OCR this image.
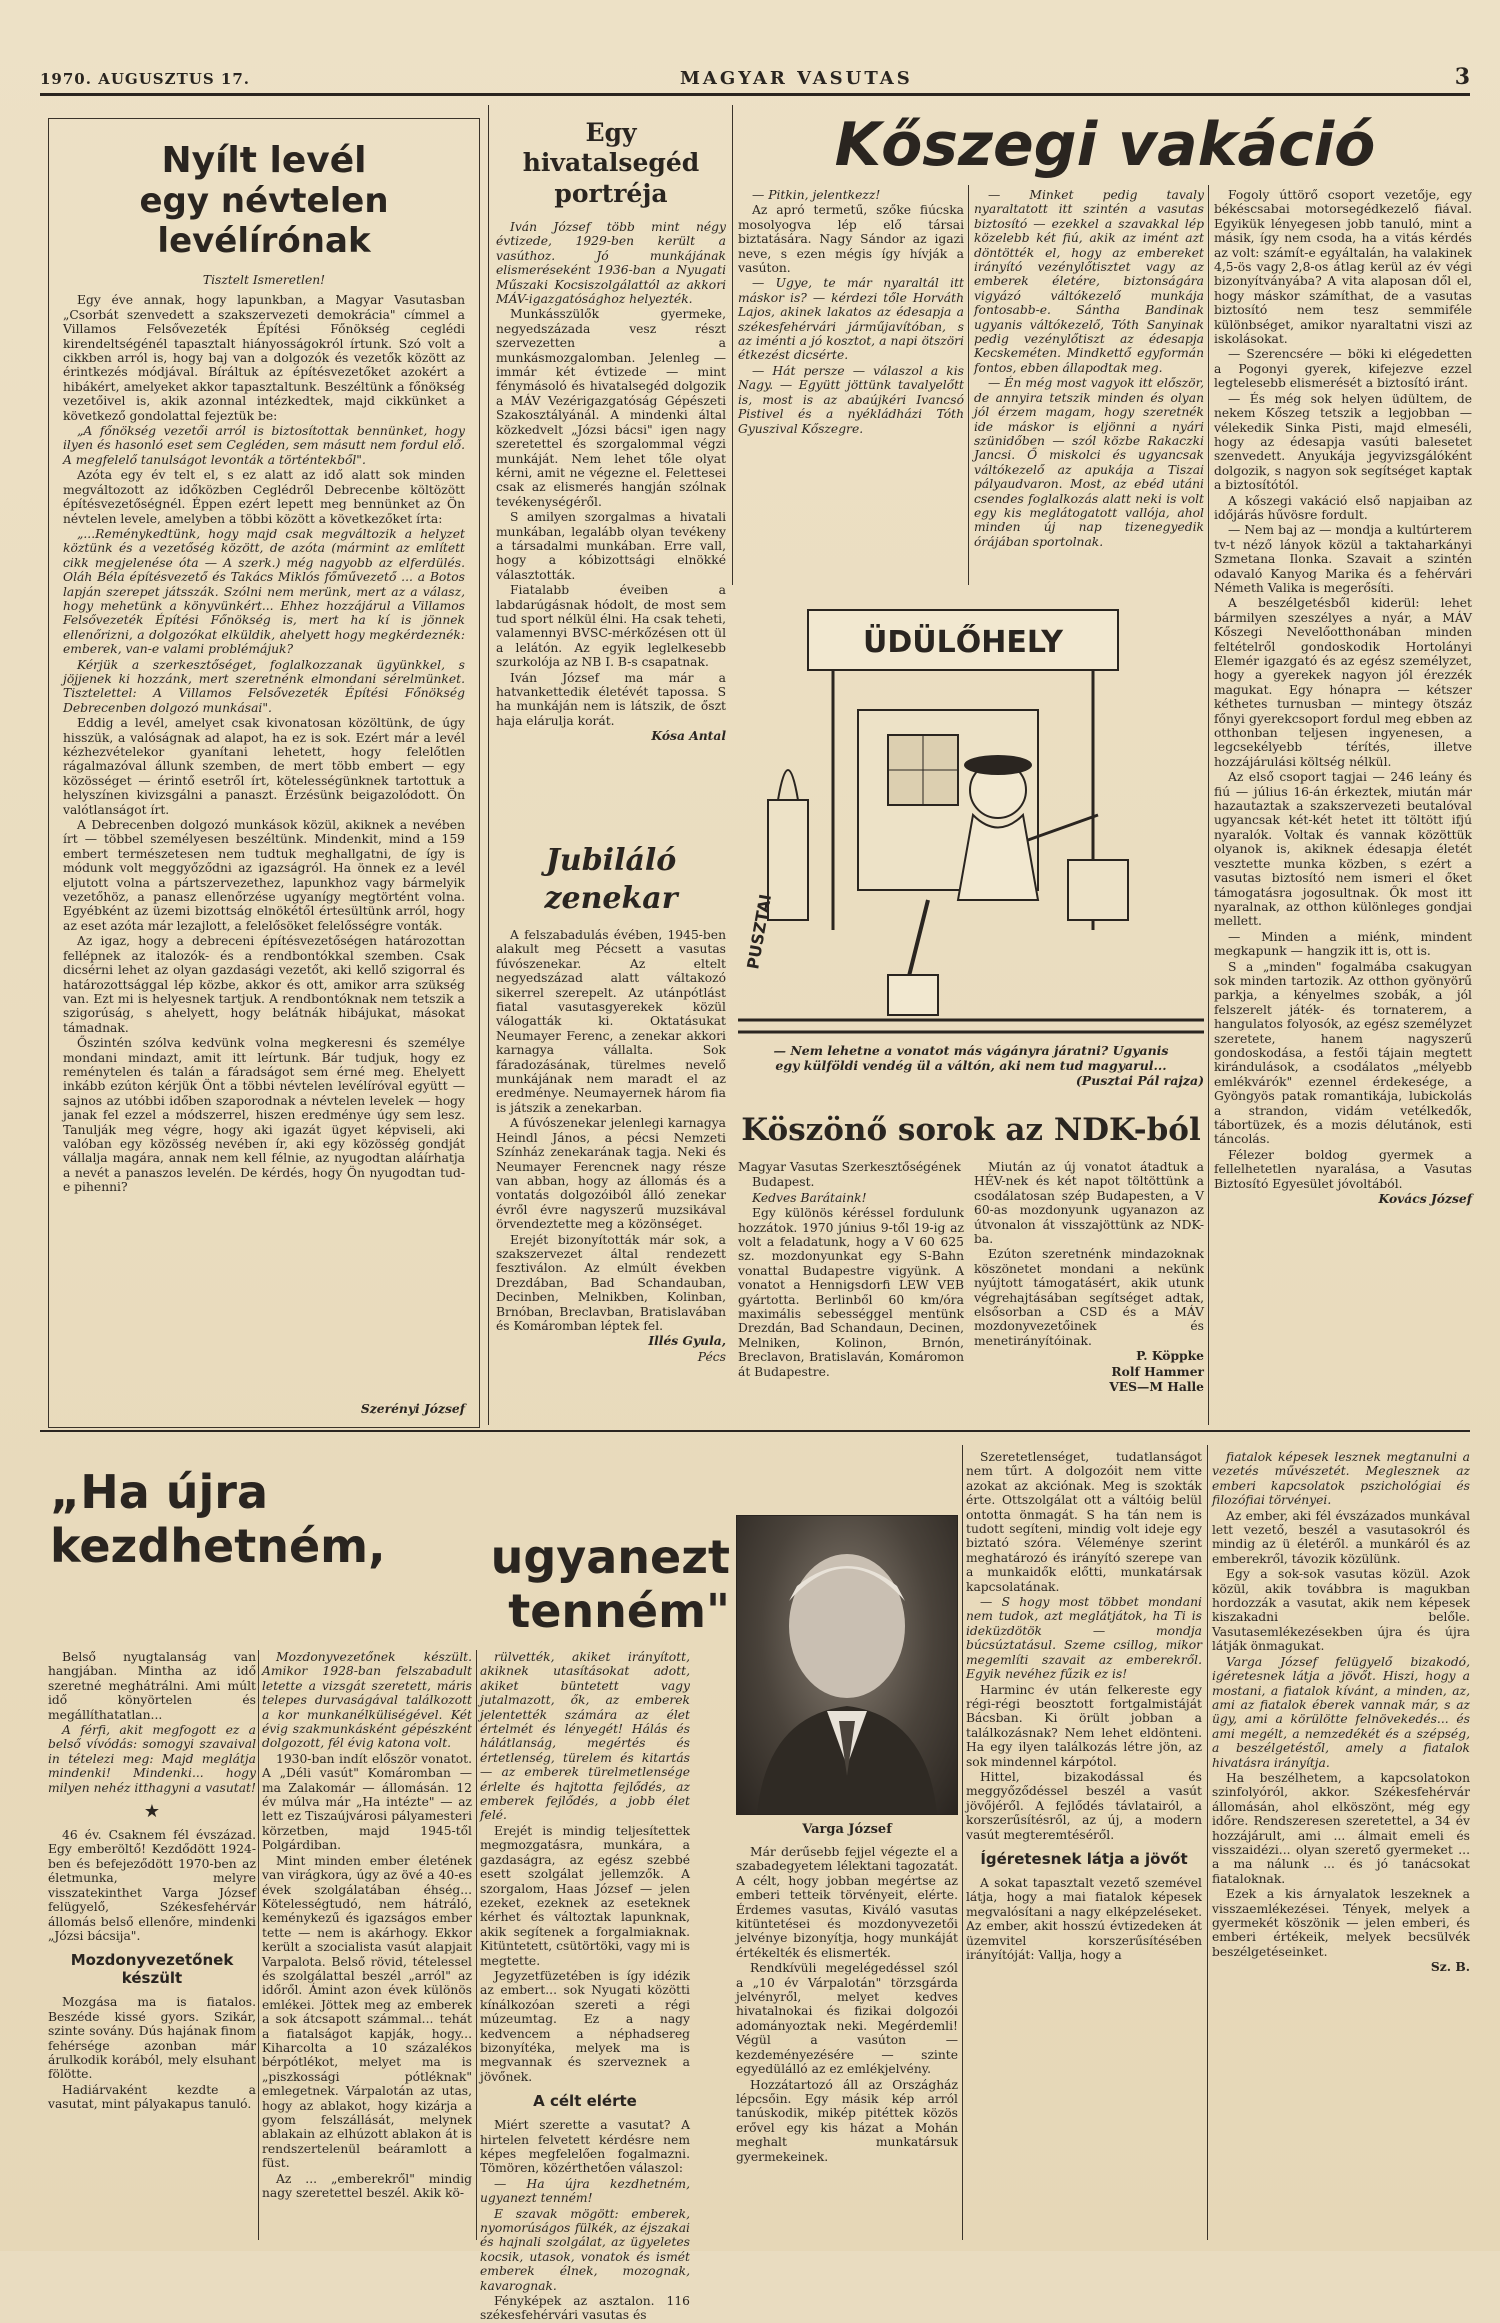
1970. AUGUSZTUS 17.	MAGYAR VASUTAS	3
Nyílt levél
egy névtelen levélírónak

Tisztelt Ismeretlen!

Egy éve annak, hogy lapunkban, a Magyar Vasutasban „Csorbát szenvedett a szakszervezeti demokrácia" címmel a Villamos Felsővezeték Építési Főnökség ceglédi kirendeltségénél tapasztalt hiányosságokról írtunk. Szó volt a cikkben arról is, hogy baj van a dolgozók és vezetők között az érintkezés módjával. Bíráltuk az építésvezetőket azokért a hibákért, amelyeket akkor tapasztaltunk. Beszéltünk a főnökség vezetőivel is, akik azonnal intézkedtek, majd cikkünket a következő gondolattal fejeztük be:

„A főnökség vezetői arról is biztosítottak bennünket, hogy ilyen és hasonló eset sem Cegléden, sem másutt nem fordul elő. A megfelelő tanulságot levonták a történtekből".

Azóta egy év telt el, s ez alatt az idő alatt sok minden megváltozott az időközben Ceglédről Debrecenbe költözött építésvezetőségnél. Éppen ezért lepett meg bennünket az Ön névtelen levele, amelyben a többi között a következőket írta:

„...Reménykedtünk, hogy majd csak megváltozik a helyzet köztünk és a vezetőség között, de azóta (mármint az említett cikk megjelenése óta — A szerk.) még nagyobb az elferdülés. Oláh Béla építésvezető és Takács Miklós főművezető ... a Botos lapján szerepet játsszák. Szólni nem merünk, mert az a válasz, hogy mehetünk a könyvünkért... Ehhez hozzájárul a Villamos Felsővezeték Építési Főnökség is, mert ha kí is jönnek ellenőrizni, a dolgozókat elküldik, ahelyett hogy megkérdeznék: emberek, van-e valami problémájuk?

Kérjük a szerkesztőséget, foglalkozzanak ügyünkkel, s jöjjenek ki hozzánk, mert szeretnénk elmondani sérelmünket. Tisztelettel: A Villamos Felsővezeték Építési Főnökség Debrecenben dolgozó munkásai".

Eddig a levél, amelyet csak kivonatosan közöltünk, de úgy hisszük, a valóságnak ad alapot, ha ez is sok. Ezért már a levél kézhezvételekor gyanítani lehetett, hogy felelőtlen rágalmazóval állunk szemben, de mert több embert — egy közösséget — érintő esetről írt, kötelességünknek tartottuk a helyszínen kivizsgálni a panaszt. Érzésünk beigazolódott. Ön valótlanságot írt.

A Debrecenben dolgozó munkások közül, akiknek a nevében írt — többel személyesen beszéltünk. Mindenkit, mind a 159 embert természetesen nem tudtuk meghallgatni, de így is módunk volt meggyőződni az igazságról. Ha önnek ez a levél eljutott volna a pártszervezethez, lapunkhoz vagy bármelyik vezetőhöz, a panasz ellenőrzése ugyanígy megtörtént volna. Egyébként az üzemi bizottság elnökétől értesültünk arról, hogy az eset azóta már lezajlott, a felelősöket felelősségre vonták.

Az igaz, hogy a debreceni építésvezetőségen határozottan fellépnek az italozók- és a rendbontókkal szemben. Csak dicsérni lehet az olyan gazdasági vezetőt, aki kellő szigorral és határozottsággal lép közbe, akkor és ott, amikor arra szükség van. Ezt mi is helyesnek tartjuk. A rendbontóknak nem tetszik a szigorúság, s ahelyett, hogy belátnák hibájukat, másokat támadnak.

Őszintén szólva kedvünk volna megkeresni és személye mondani mindazt, amit itt leírtunk. Bár tudjuk, hogy ez reménytelen és talán a fáradságot sem érné meg. Ehelyett inkább ezúton kérjük Önt a többi névtelen levélíróval együtt — sajnos az utóbbi időben szaporodnak a névtelen levelek — hogy janak fel ezzel a módszerrel, hiszen eredménye úgy sem lesz. Tanulják meg végre, hogy aki igazát ügyet képviseli, aki valóban egy közösség nevében ír, aki egy közösség gondját vállalja magára, annak nem kell félnie, az nyugodtan aláírhatja a nevét a panaszos levelén. De kérdés, hogy Ön nyugodtan tud-e pihenni?

Szerényi József

Egy hivatalsegéd
portréja

Iván József több mint négy évtizede, 1929-ben került a vasúthoz. Jó munkájának elismeréseként 1936-ban a Nyugati Műszaki Kocsiszolgálattól az akkori MÁV-igazgatósághoz helyezték.

Munkásszülők gyermeke, negyedszázada vesz részt szervezetten a munkásmozgalomban. Jelenleg — immár két évtizede — mint fénymásoló és hivatalsegéd dolgozik a MÁV Vezérigazgatóság Gépészeti Szakosztályánál. A mindenki által közkedvelt „Józsi bácsi" igen nagy szeretettel és szorgalommal végzi munkáját. Nem lehet tőle olyat kérni, amit ne végezne el. Felettesei csak az elismerés hangján szólnak tevékenységéről.

S amilyen szorgalmas a hivatali munkában, legalább olyan tevékeny a társadalmi munkában. Erre vall, hogy a kóbizottsági elnökké választották.

Fiatalabb éveiben a labdarúgásnak hódolt, de most sem tud sport nélkül élni. Ha csak teheti, valamennyi BVSC-mérkőzésen ott ül a lelátón. Az egyik leglelkesebb szurkolója az NB I. B-s csapatnak.

Iván József ma már a hatvankettedik életévét tapossa. S ha munkáján nem is látszik, de őszt haja elárulja korát.

Kósa Antal

Jubiláló zenekar

A felszabadulás évében, 1945-ben alakult meg Pécsett a vasutas fúvószenekar. Az eltelt negyedszázad alatt váltakozó sikerrel szerepelt. Az utánpótlást fiatal vasutasgyerekek közül válogatták ki. Oktatásukat Neumayer Ferenc, a zenekar akkori karnagya vállalta. Sok fáradozásának, türelmes nevelő munkájának nem maradt el az eredménye. Neumayernek három fia is játszik a zenekarban.

A fúvószenekar jelenlegi karnagya Heindl János, a pécsi Nemzeti Színház zenekarának tagja. Neki és Neumayer Ferencnek nagy része van abban, hogy az állomás és a vontatás dolgozóiból álló zenekar évről évre nagyszerű muzsikával örvendeztette meg a közönséget.

Erejét bizonyították már sok, a szakszervezet által rendezett fesztiválon. Az elmúlt években Drezdában, Bad Schandauban, Decinben, Melnikben, Kolinban, Brnóban, Breclavban, Bratislavában és Komáromban léptek fel.

Illés Gyula,

Pécs

Kőszegi vakáció

— Pitkin, jelentkezz!

Az apró termetű, szőke fiúcska mosolyogva lép elő társai biztatására. Nagy Sándor az igazi neve, s ezen mégis így hívják a vasúton.

— Ugye, te már nyaraltál itt máskor is? — kérdezi tőle Horváth Lajos, akinek lakatos az édesapja a székesfehérvári járműjavítóban, s az iménti a jó kosztot, a napi ötszöri étkezést dicsérte.

— Hát persze — válaszol a kis Nagy. — Együtt jöttünk tavalyelőtt is, most is az abaújkéri Ivancsó Pistivel és a nyékládházi Tóth Gyuszival Kőszegre.

— Minket pedig tavaly nyaraltatott itt szintén a vasutas biztosító — ezekkel a szavakkal lép közelebb két fiú, akik az imént azt döntötték el, hogy az embereket irányító vezénylőtisztet vagy az emberek életére, biztonságára vigyázó váltókezelő munkája fontosabb-e. Sántha Bandinak ugyanis váltókezelő, Tóth Sanyinak pedig vezénylőtiszt az édesapja Kecskeméten. Mindkettő egyformán fontos, ebben állapodtak meg.

— Én még most vagyok itt először, de annyira tetszik minden és olyan jól érzem magam, hogy szeretnék ide máskor is eljönni a nyári szünidőben — szól közbe Rakaczki Jancsi. Ő miskolci és ugyancsak váltókezelő az apukája a Tiszai pályaudvaron. Most, az ebéd utáni csendes foglalkozás alatt neki is volt egy kis meglátogatott vallója, ahol minden új nap tizenegyedik órájában sportolnak.

Fogoly úttörő csoport vezetője, egy békéscsabai motorsegédkezelő fiával. Egyikük lényegesen jobb tanuló, mint a másik, így nem csoda, ha a vitás kérdés az volt: számít-e egyáltalán, ha valakinek 4,5-ös vagy 2,8-os átlag kerül az év végi bizonyítványába? A vita alaposan dől el, hogy máskor számíthat, de a vasutas biztosító nem tesz semmiféle különbséget, amikor nyaraltatni viszi az iskolásokat.

— Szerencsére — böki ki elégedetten a Pogonyi gyerek, kifejezve ezzel legtelesebb elismerését a biztosító iránt.

— És még sok helyen üdültem, de nekem Kőszeg tetszik a legjobban — vélekedik Sinka Pisti, majd elmeséli, hogy az édesapja vasúti balesetet szenvedett. Anyukája jegyvizsgálóként dolgozik, s nagyon sok segítséget kaptak a biztosítótól.

A kőszegi vakáció első napjaiban az időjárás hűvösre fordult.

— Nem baj az — mondja a kultúrterem tv-t néző lányok közül a taktaharkányi Szmetana Ilonka. Szavait a szintén odavaló Kanyog Marika és a fehérvári Németh Valika is megerősíti.

A beszélgetésből kiderül: lehet bármilyen szeszélyes a nyár, a MÁV Kőszegi Nevelőotthonában minden feltételről gondoskodik Hortolányi Elemér igazgató és az egész személyzet, hogy a gyerekek nagyon jól érezzék magukat. Egy hónapra — kétszer kéthetes turnusban — mintegy ötszáz főnyi gyerekcsoport fordul meg ebben az otthonban teljesen ingyenesen, a legcsekélyebb térítés, illetve hozzájárulási költség nélkül.

Az első csoport tagjai — 246 leány és fiú — július 16-án érkeztek, miután már hazautaztak a szakszervezeti beutalóval ugyancsak két-két hetet itt töltött ifjú nyaralók. Voltak és vannak közöttük olyanok is, akiknek édesapja életét vesztette munka közben, s ezért a vasutas biztosító nem ismeri el őket támogatásra jogosultnak. Ők most itt nyaralnak, az otthon különleges gondjai mellett.

— Minden a miénk, mindent megkapunk — hangzik itt is, ott is.

S a „minden" fogalmába csakugyan sok minden tartozik. Az otthon gyönyörű parkja, a kényelmes szobák, a jól felszerelt játék- és tornaterem, a hangulatos folyosók, az egész személyzet szeretete, hanem nagyszerű gondoskodása, a festői tájain megtett kirándulások, a csodálatos „mélyebb emlékvárók" ezennel érdekesége, a Gyöngyös patak romantikája, lubickolás a strandon, vidám vetélkedők, tábortüzek, és a mozis délutánok, esti táncolás.

Félezer boldog gyermek a fellelhetetlen nyaralása, a Vasutas Biztosító Egyesület jóvoltából.

Kovács József

ÜDÜLŐHELY
PUSZTAI
— Nem lehetne a vonatot más vágányra járatni? Ugyanis
egy külföldi vendég ül a váltón, aki nem tud magyarul...
(Pusztai Pál rajza)
Köszönő sorok az NDK-ból

Magyar Vasutas Szerkesztőségének

Budapest.

Kedves Barátaink!

Egy különös kéréssel fordulunk hozzátok. 1970 június 9-től 19-ig az volt a feladatunk, hogy a V 60 625 sz. mozdonyunkat egy S-Bahn vonattal Budapestre vigyünk. A vonatot a Hennigsdorfi LEW VEB gyártotta. Berlinből 60 km/óra maximális sebességgel mentünk Drezdán, Bad Schandaun, Decinen, Melniken, Kolinon, Brnón, Breclavon, Bratislaván, Komáromon át Budapestre.

Miután az új vonatot átadtuk a HÉV-nek és két napot töltöttünk a csodálatosan szép Budapesten, a V 60-as mozdonyunk ugyanazon az útvonalon át visszajöttünk az NDK-ba.

Ezúton szeretnénk mindazoknak köszönetet mondani a nekünk nyújtott támogatásért, akik utunk végrehajtásában segítséget adtak, elsősorban a CSD és a MÁV mozdonyvezetőinek és menetirányítóinak.

P. Köppke

Rolf Hammer

VES—M Halle

„Ha újra kezdhetném,	ugyanezt tenném"

Belső nyugtalanság van hangjában. Mintha az idő szeretné meghátrálni. Ami múlt idő könyörtelen és megállíthatatlan...

A férfi, akit megfogott ez a belső vívódás: somogyi szavaival in tételezi meg: Majd meglátja mindenki! Mindenki... hogy milyen nehéz itthagyni a vasutat!

★

46 év. Csaknem fél évszázad. Egy emberöltő! Kezdődött 1924-ben és befejeződött 1970-ben az életmunka, melyre visszatekinthet Varga József felügyelő, Székesfehérvár állomás belső ellenőre, mindenki „Józsi bácsija".

Mozdonyvezetőnek készült

Mozgása ma is fiatalos. Beszéde kissé gyors. Szikár, szinte sovány. Dús hajának finom fehérsége azonban már árulkodik korából, mely elsuhant fölötte.

Hadiárvaként kezdte a vasutat, mint pályakapus tanuló.

Mozdonyvezetőnek készült. Amikor 1928-ban felszabadult letette a vizsgát szeretett, máris telepes durvaságával találkozott a kor munkanélküliségével. Két évig szakmunkásként gépészként dolgozott, fél évig katona volt.

1930-ban indít először vonatot. A „Déli vasút" Komáromban — ma Zalakomár — állomásán. 12 év múlva már „Ha intézte" — az lett ez Tiszaújvárosi pályamesteri körzetben, majd 1945-től Polgárdiban.

Mint minden ember életének van virágkora, úgy az övé a 40-es évek szolgálatában éhség... Kötelességtudó, nem hátráló, keménykezű és igazságos ember tette — nem is akárhogy. Ekkor került a szocialista vasút alapjait Varpalota. Belső rövid, tételessel és szolgálattal beszél „arról" az időről. Ámint azon évek különös emlékei. Jöttek meg az emberek a sok átcsapott számmal... tehát a fiatalságot kapják, hogy... Kiharcolta a 10 százalékos bérpótlékot, melyet ma is „piszkossági pótléknak" emlegetnek. Várpalotán az utas, hogy az ablakot, hogy kizárja a gyom felszállását, melynek ablakain az elhúzott ablakon át is rendszertelenül beáramlott a füst.

Az ... „emberekről" mindig nagy szeretettel beszél. Akik kö-

rülvették, akiket irányított, akiknek utasításokat adott, akiket büntetett vagy jutalmazott, ők, az emberek jelentették számára az élet értelmét és lényegét! Hálás és hálátlanság, megértés és értetlenség, türelem és kitartás — az emberek türelmetlensége érlelte és hajtotta fejlődés, az emberek fejlődés, a jobb élet felé.

Erejét is mindig teljesítettek megmozgatásra, munkára, a gazdaságra, az egész szebbé esett szolgálat jellemzők. A szorgalom, Haas József — jelen ezeket, ezeknek az eseteknek kérhet és változtak lapunknak, akik segítenek a forgalmiaknak. Kitüntetett, csütörtöki, vagy mi is megtette.

Jegyzetfüzetében is így idézik az embert... sok Nyugati közötti kínálkozóan szereti a régi múzeumtag. Ez a nagy kedvencem a néphadsereg bizonyítéka, melyek ma is megvannak és szerveznek a jövőnek.

A célt elérte

Miért szerette a vasutat? A hirtelen felvetett kérdésre nem képes megfelelően fogalmazni. Tömören, közérthetően válaszol:

— Ha újra kezdhetném, ugyanezt tenném!

E szavak mögött: emberek, nyomorúságos fülkék, az éjszakai és hajnali szolgálat, az ügyeletes kocsik, utasok, vonatok és ismét emberek élnek, mozognak, kavarognak.

Fényképek az asztalon. 116 székesfehérvári vasutas és

Varga József

Már derűsebb fejjel végezte el a szabadegyetem lélektani tagozatát. A célt, hogy jobban megértse az emberi tetteik törvényeit, elérte. Érdemes vasutas, Kiváló vasutas kitüntetései és mozdonyvezetői jelvénye bizonyítja, hogy munkáját értékelték és elismerték.

Rendkívüli megelégedéssel szól a „10 év Várpalotán" törzsgárda jelvényről, melyet kedves hivatalnokai és fizikai dolgozói adományoztak neki. Megérdemli! Végül a vasúton — kezdeményezésére — szinte egyedülálló az ez emlékjelvény.

Hozzátartozó áll az Országház lépcsőin. Egy másik kép arról tanúskodik, mikép pitéttek közös erővel egy kis házat a Mohán meghalt munkatársuk gyermekeinek.

Szeretetlenséget, tudatlanságot nem tűrt. A dolgozóit nem vitte azokat az akciónak. Meg is szokták érte. Ottszolgálat ott a váltóig belül ontotta önmagát. S ha tán nem is tudott segíteni, mindig volt ideje egy biztató szóra. Véleménye szerint meghatározó és irányító szerepe van a munkaidők előtti, munkatársak kapcsolatának.

— S hogy most többet mondani nem tudok, azt meglátjátok, ha Ti is ideküzdötök — mondja búcsúztatásul. Szeme csillog, mikor megemlíti szavait az emberekről. Egyik nevéhez fűzik ez is!

Harminc év után felkereste egy régi-régi beosztott fortgalmistáját Bácsban. Ki örült jobban a találkozásnak? Nem lehet eldönteni. Ha egy ilyen találkozás létre jön, az sok mindennel kárpótol.

Hittel, bizakodással és meggyőződéssel beszél a vasút jövőjéről. A fejlődés távlatairól, a korszerűsítésről, az új, a modern vasút megteremtéséről.

Ígéretesnek látja a jövőt

A sokat tapasztalt vezető szemével látja, hogy a mai fiatalok képesek megvalósítani a nagy elképzeléseket. Az ember, akit hosszú évtizedeken át üzemvitel korszerűsítésében irányítóját: Vallja, hogy a

fiatalok képesek lesznek megtanulni a vezetés művészetét. Meglesznek az emberi kapcsolatok pszichológiai és filozófiai törvényei.

Az ember, aki fél évszázados munkával lett vezető, beszél a vasutasokról és mindig az ü életéről. a munkáról és az emberekről, távozik közülünk.

Egy a sok-sok vasutas közül. Azok közül, akik továbbra is magukban hordozzák a vasutat, akik nem képesek kiszakadni belőle. Vasutasemlékezésekben újra és újra látják önmagukat.

Varga József felügyelő bizakodó, igéretesnek látja a jövőt. Hiszi, hogy a mostani, a fiatalok kívánt, a minden, az, ami az fiatalok éberek vannak már, s az ügy, ami a körülötte felnövekedés... és ami megélt, a nemzedékét és a szépség, a beszélgetéstől, amely a fiatalok hivatásra irányítja.

Ha beszélhetem, a kapcsolatokon szinfolyóról, akkor. Székesfehérvár állomásán, ahol elköszönt, még egy időre. Rendszeresen szeretettel, a 34 év hozzájárult, ami ... álmait emeli és visszaidézi... olyan szerető gyermeket ... a ma nálunk ... és jó tanácsokat fiataloknak.

Ezek a kis árnyalatok leszeknek a visszaemlékezései. Tények, melyek a gyermekét köszönik — jelen emberi, és emberi értékeik, melyek becsülvék beszélgetéseinket.

Sz. B.
